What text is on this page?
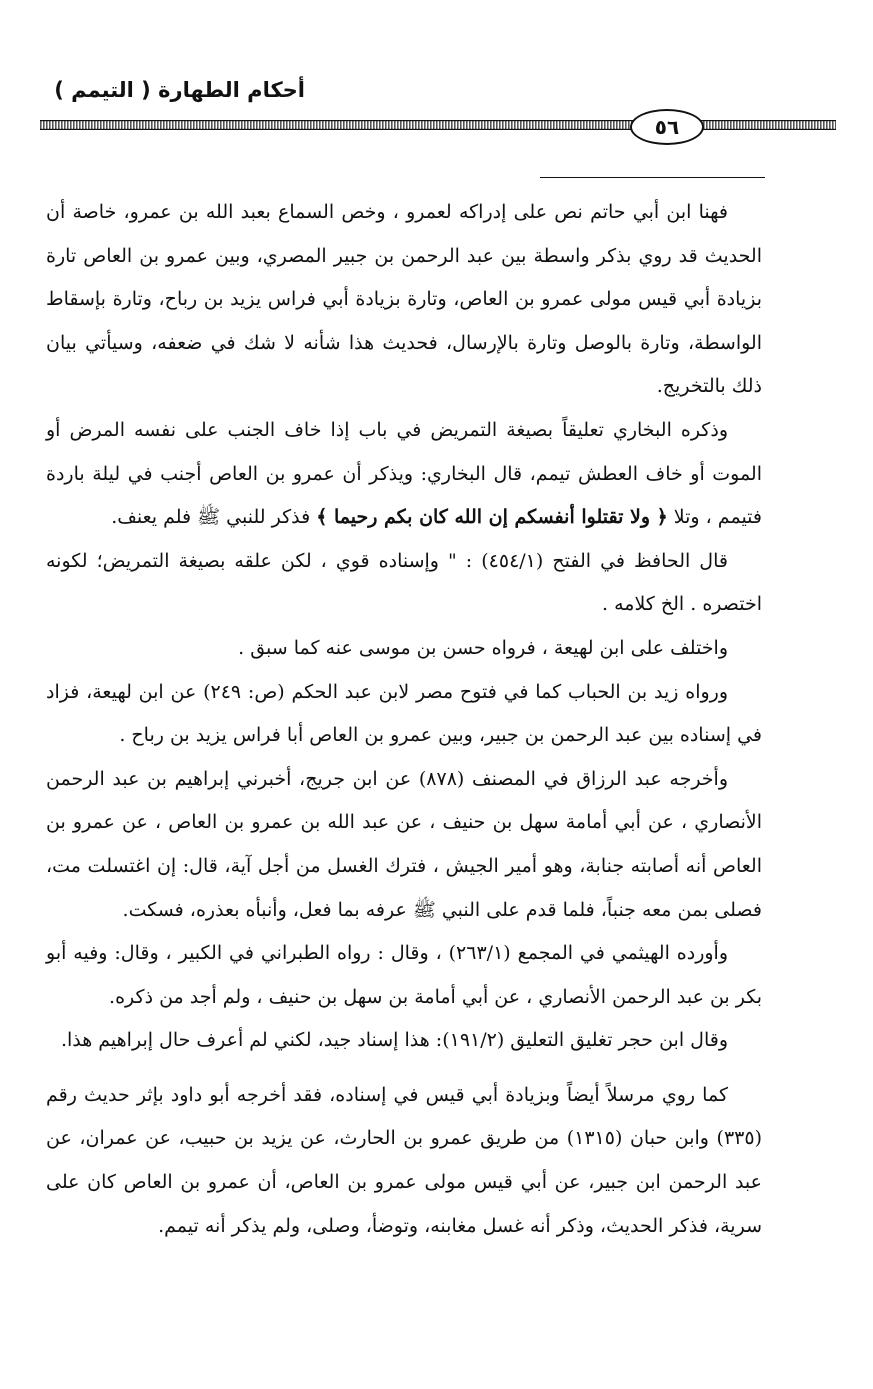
أحكام الطهارة ( التيمم )
٥٦

فهنا ابن أبي حاتم نص على إدراكه لعمرو ، وخص السماع بعبد الله بن عمرو، خاصة أن الحديث قد روي بذكر واسطة بين عبد الرحمن بن جبير المصري، وبين عمرو بن العاص تارة بزيادة أبي قيس مولى عمرو بن العاص، وتارة بزيادة أبي فراس يزيد بن رباح، وتارة بإسقاط الواسطة، وتارة بالوصل وتارة بالإرسال، فحديث هذا شأنه لا شك في ضعفه، وسيأتي بيان ذلك بالتخريج.

وذكره البخاري تعليقاً بصيغة التمريض في باب إذا خاف الجنب على نفسه المرض أو الموت أو خاف العطش تيمم، قال البخاري: ويذكر أن عمرو بن العاص أجنب في ليلة باردة فتيمم ، وتلا ﴿ ولا تقتلوا أنفسكم إن الله كان بكم رحيما ﴾ فذكر للنبي ﷺ فلم يعنف.

قال الحافظ في الفتح (٤٥٤/١) : " وإسناده قوي ، لكن علقه بصيغة التمريض؛ لكونه اختصره . الخ كلامه .

واختلف على ابن لهيعة ، فرواه حسن بن موسى عنه كما سبق .

ورواه زيد بن الحباب كما في فتوح مصر لابن عبد الحكم (ص: ٢٤٩) عن ابن لهيعة، فزاد في إسناده بين عبد الرحمن بن جبير، وبين عمرو بن العاص أبا فراس يزيد بن رباح .

وأخرجه عبد الرزاق في المصنف (٨٧٨) عن ابن جريج، أخبرني إبراهيم بن عبد الرحمن الأنصاري ، عن أبي أمامة سهل بن حنيف ، عن عبد الله بن عمرو بن العاص ، عن عمرو بن العاص أنه أصابته جنابة، وهو أمير الجيش ، فترك الغسل من أجل آية، قال: إن اغتسلت مت، فصلى بمن معه جنباً، فلما قدم على النبي ﷺ عرفه بما فعل، وأنبأه بعذره، فسكت.

وأورده الهيثمي في المجمع (٢٦٣/١) ، وقال : رواه الطبراني في الكبير ، وقال: وفيه أبو بكر بن عبد الرحمن الأنصاري ، عن أبي أمامة بن سهل بن حنيف ، ولم أجد من ذكره.

وقال ابن حجر تغليق التعليق (١٩١/٢): هذا إسناد جيد، لكني لم أعرف حال إبراهيم هذا.

كما روي مرسلاً أيضاً وبزيادة أبي قيس في إسناده، فقد أخرجه أبو داود بإثر حديث رقم (٣٣٥) وابن حبان (١٣١٥) من طريق عمرو بن الحارث، عن يزيد بن حبيب، عن عمران، عن عبد الرحمن ابن جبير، عن أبي قيس مولى عمرو بن العاص، أن عمرو بن العاص كان على سرية، فذكر الحديث، وذكر أنه غسل مغابنه، وتوضأ، وصلى، ولم يذكر أنه تيمم.
